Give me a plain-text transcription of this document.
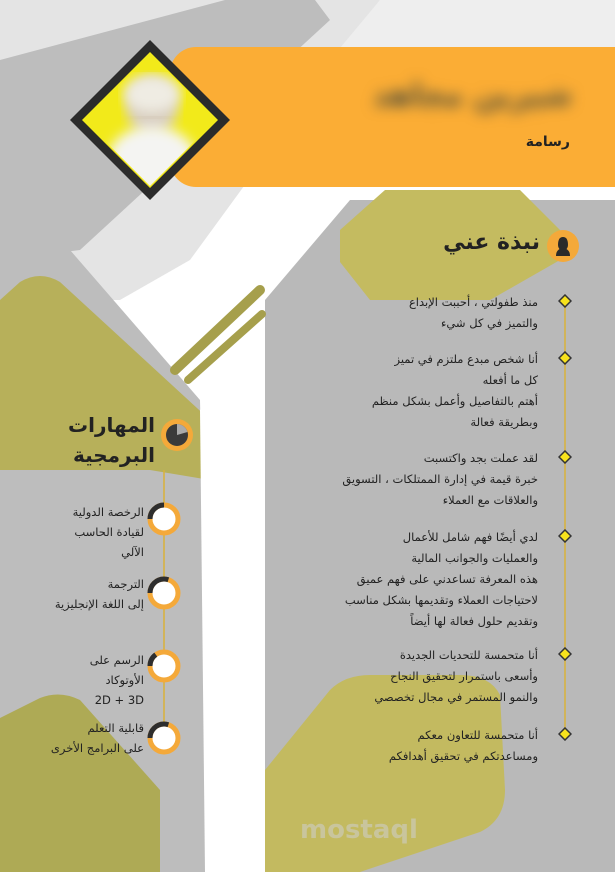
mostaql
شيرين مجاهد
رسامة
نبذة عني
منذ طفولتي ، أحببت الإبداع
والتميز في كل شيء
أنا شخص مبدع ملتزم في تميز
كل ما أفعله
أهتم بالتفاصيل وأعمل بشكل منظم
وبطريقة فعالة
لقد عملت بجد واكتسبت
خبرة قيمة في إدارة الممتلكات ، التسويق
والعلاقات مع العملاء
لدي أيضًا فهم شامل للأعمال
والعمليات والجوانب المالية
هذه المعرفة تساعدني على فهم عميق
لاحتياجات العملاء وتقديمها بشكل مناسب
وتقديم حلول فعالة لها أيضاً
أنا متحمسة للتحديات الجديدة
وأسعى باستمرار لتحقيق النجاح
والنمو المستمر في مجال تخصصي
أنا متحمسة للتعاون معكم
ومساعدتكم في تحقيق أهدافكم
المهارات
البرمجية
الرخصة الدولية
لقيادة الحاسب الآلي
الترجمة
إلى اللغة الإنجليزية
الرسم على الأوتوكاد
2D + 3D
قابلية التعلم
على البرامج الأخرى
